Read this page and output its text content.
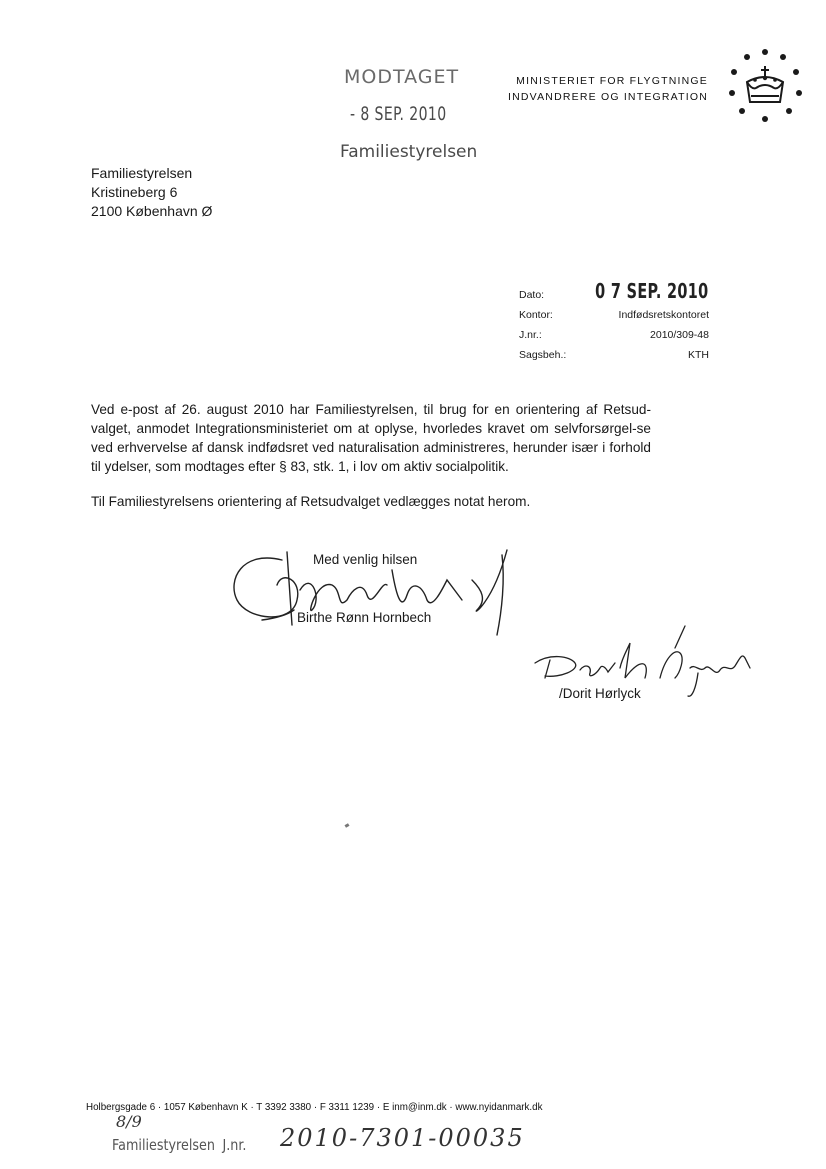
MODTAGET
- 8 SEP. 2010
Familiestyrelsen
MINISTERIET FOR FLYGTNINGE
INDVANDRERE OG INTEGRATION
Familiestyrelsen
Kristineberg 6
2100 København Ø
Dato:	0 7 SEP. 2010
Kontor:	Indfødsretskontoret
J.nr.:	2010/309-48
Sagsbeh.:	KTH

Ved e-post af 26. august 2010 har Familiestyrelsen, til brug for en orientering af Retsud-valget, anmodet Integrationsministeriet om at oplyse, hvorledes kravet om selvforsørgel-se ved erhvervelse af dansk indfødsret ved naturalisation administreres, herunder især i forhold til ydelser, som modtages efter § 83, stk. 1, i lov om aktiv socialpolitik.

Til Familiestyrelsens orientering af Retsudvalget vedlægges notat herom.

Med venlig hilsen
Birthe Rønn Hornbech
/Dorit Hørlyck
Holbergsgade 6 · 1057 København K · T 3392 3380 · F 3311 1239 · E inm@inm.dk · www.nyidanmark.dk
8/9
Familiestyrelsen J.nr. 2010-7301-00035
